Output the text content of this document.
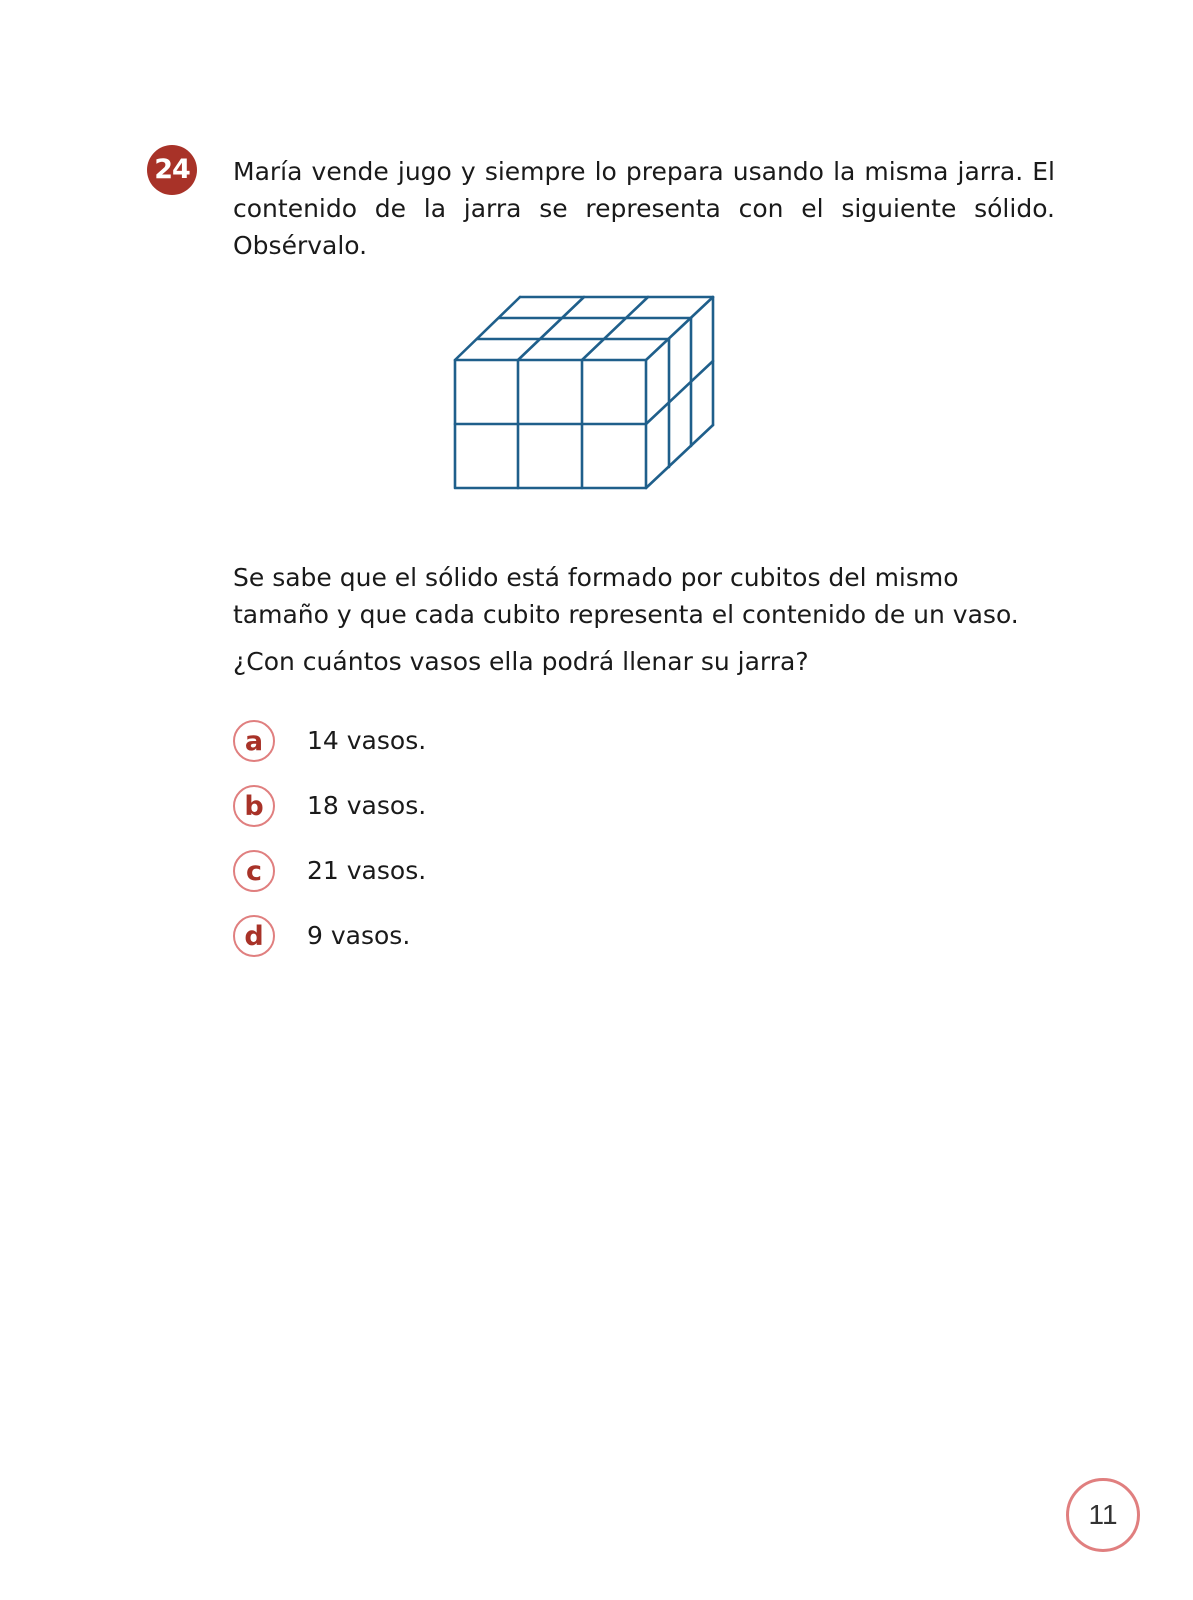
24 María vende jugo y siempre lo prepara usando la misma jarra. El contenido de la jarra se representa con el siguiente sólido. Obsérvalo.

Se sabe que el sólido está formado por cubitos del mismo tamaño y que cada cubito representa el contenido de un vaso.

¿Con cuántos vasos ella podrá llenar su jarra?

a	14 vasos.
b	18 vasos.
c	21 vasos.
d	9 vasos.
11
